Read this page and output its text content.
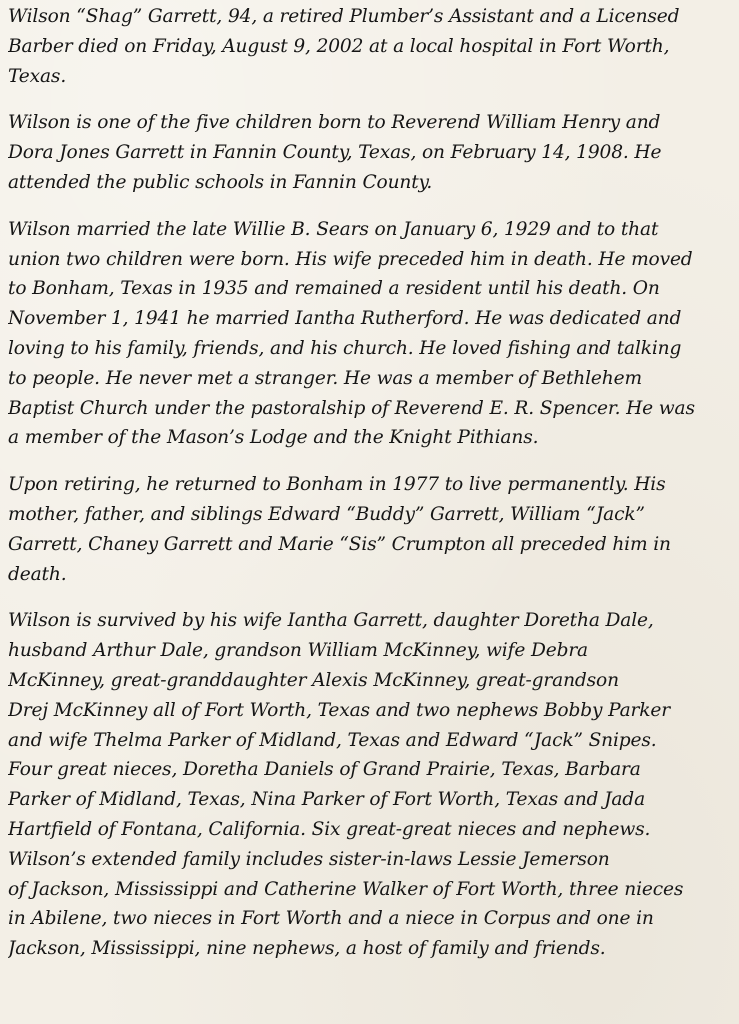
Wilson “Shag” Garrett, 94, a retired Plumber’s Assistant and a Licensed
Barber died on Friday, August 9, 2002 at a local hospital in Fort Worth,
Texas.
Wilson is one of the five children born to Reverend William Henry and
Dora Jones Garrett in Fannin County, Texas, on February 14, 1908. He
attended the public schools in Fannin County.
Wilson married the late Willie B. Sears on January 6, 1929 and to that
union two children were born. His wife preceded him in death. He moved
to Bonham, Texas in 1935 and remained a resident until his death. On
November 1, 1941 he married Iantha Rutherford. He was dedicated and
loving to his family, friends, and his church. He loved fishing and talking
to people. He never met a stranger. He was a member of Bethlehem
Baptist Church under the pastoralship of Reverend E. R. Spencer. He was
a member of the Mason’s Lodge and the Knight Pithians.
Upon retiring, he returned to Bonham in 1977 to live permanently. His
mother, father, and siblings Edward “Buddy” Garrett, William “Jack”
Garrett, Chaney Garrett and Marie “Sis” Crumpton all preceded him in
death.
Wilson is survived by his wife Iantha Garrett, daughter Doretha Dale,
husband Arthur Dale, grandson William McKinney, wife Debra
McKinney, great-granddaughter Alexis McKinney, great-grandson
Drej McKinney all of Fort Worth, Texas and two nephews Bobby Parker
and wife Thelma Parker of Midland, Texas and Edward “Jack” Snipes.
Four great nieces, Doretha Daniels of Grand Prairie, Texas, Barbara
Parker of Midland, Texas, Nina Parker of Fort Worth, Texas and Jada
Hartfield of Fontana, California. Six great-great nieces and nephews.
Wilson’s extended family includes sister-in-laws Lessie Jemerson
of Jackson, Mississippi and Catherine Walker of Fort Worth, three nieces
in Abilene, two nieces in Fort Worth and a niece in Corpus and one in
Jackson, Mississippi, nine nephews, a host of family and friends.
